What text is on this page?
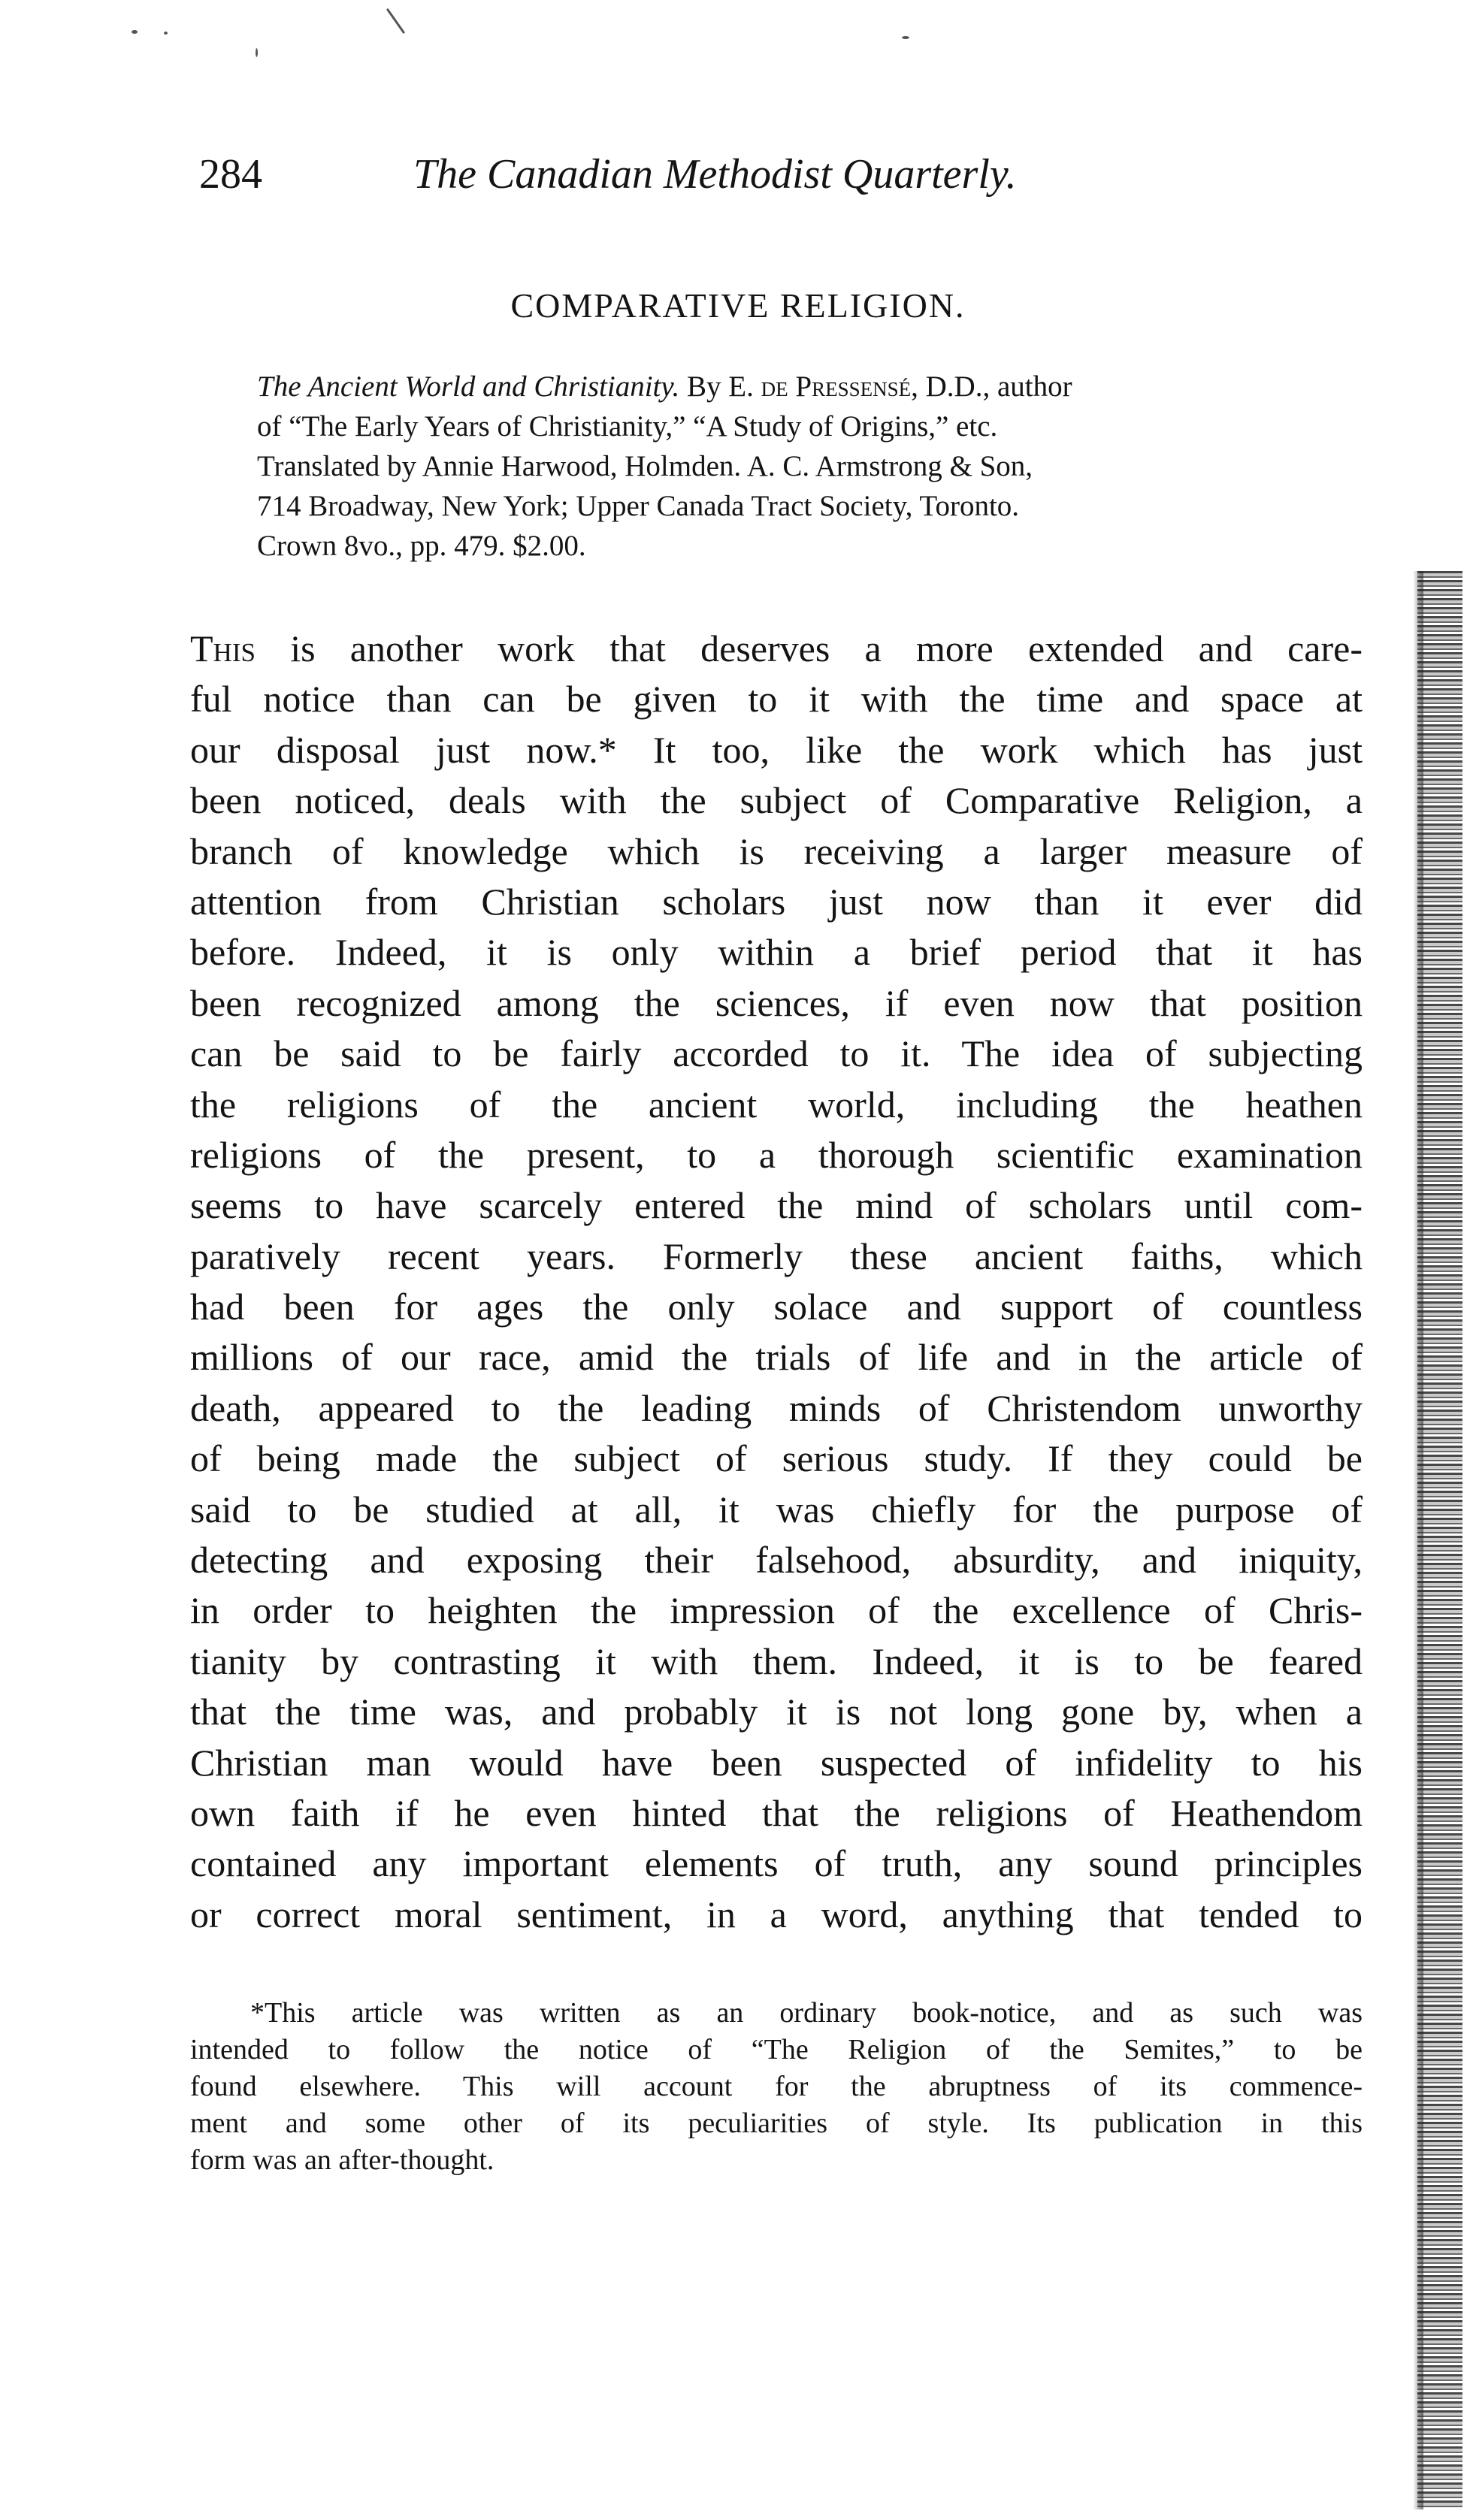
284	The Canadian Methodist Quarterly.
COMPARATIVE RELIGION.
The Ancient World and Christianity. By E. de Pressensé, D.D., author
of “The Early Years of Christianity,” “A Study of Origins,” etc.
Translated by Annie Harwood, Holmden. A. C. Armstrong & Son,
714 Broadway, New York; Upper Canada Tract Society, Toronto.
Crown 8vo., pp. 479. $2.00.
This is another work that deserves a more extended and care-
ful notice than can be given to it with the time and space at
our disposal just now.* It too, like the work which has just
been noticed, deals with the subject of Comparative Religion, a
branch of knowledge which is receiving a larger measure of
attention from Christian scholars just now than it ever did
before. Indeed, it is only within a brief period that it has
been recognized among the sciences, if even now that position
can be said to be fairly accorded to it. The idea of subjecting
the religions of the ancient world, including the heathen
religions of the present, to a thorough scientific examination
seems to have scarcely entered the mind of scholars until com-
paratively recent years. Formerly these ancient faiths, which
had been for ages the only solace and support of countless
millions of our race, amid the trials of life and in the article of
death, appeared to the leading minds of Christendom unworthy
of being made the subject of serious study. If they could be
said to be studied at all, it was chiefly for the purpose of
detecting and exposing their falsehood, absurdity, and iniquity,
in order to heighten the impression of the excellence of Chris-
tianity by contrasting it with them. Indeed, it is to be feared
that the time was, and probably it is not long gone by, when a
Christian man would have been suspected of infidelity to his
own faith if he even hinted that the religions of Heathendom
contained any important elements of truth, any sound principles
or correct moral sentiment, in a word, anything that tended to
*This article was written as an ordinary book-notice, and as such was
intended to follow the notice of “The Religion of the Semites,” to be
found elsewhere. This will account for the abruptness of its commence-
ment and some other of its peculiarities of style. Its publication in this
form was an after-thought.
